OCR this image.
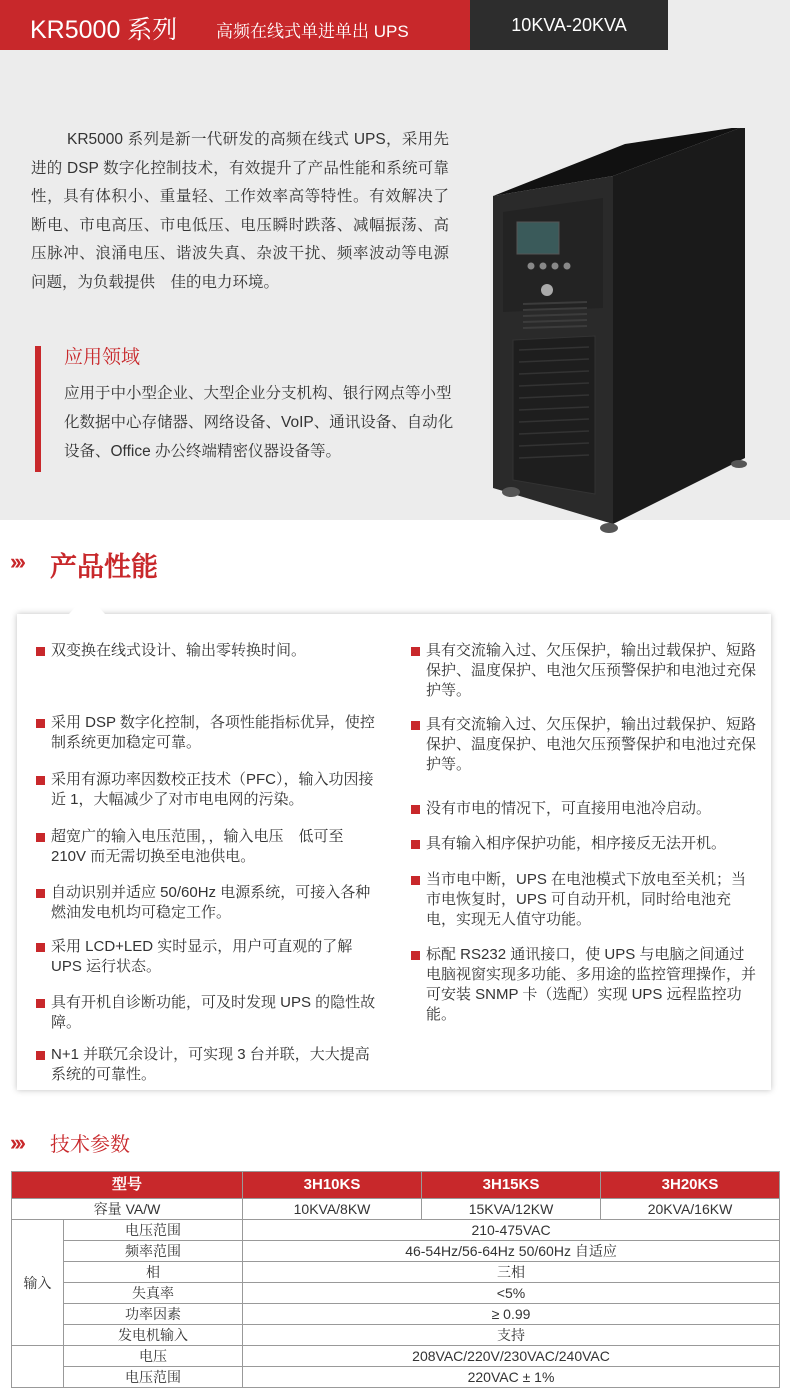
KR5000 系列 高频在线式单进单出 UPS	10KVA-20KVA
KR5000 系列是新一代研发的高频在线式 UPS，采用先进的 DSP 数字化控制技术，有效提升了产品性能和系统可靠性，具有体积小、重量轻、工作效率高等特性。有效解决了断电、市电高压、市电低压、电压瞬时跌落、减幅振荡、高压脉冲、浪涌电压、谐波失真、杂波干扰、频率波动等电源问题，为负载提供　佳的电力环境。
应用领域
应用于中小型企业、大型企业分支机构、银行网点等小型化数据中心存储器、网络设备、VoIP、通讯设备、自动化设备、Office 办公终端精密仪器设备等。
››› 产品性能
双变换在线式设计、输出零转换时间。
采用 DSP 数字化控制，各项性能指标优异，使控制系统更加稳定可靠。
采用有源功率因数校正技术（PFC），输入功因接近 1，大幅减少了对市电电网的污染。
超宽广的输入电压范围，，输入电压　低可至 210V 而无需切换至电池供电。
自动识别并适应 50/60Hz 电源系统，可接入各种燃油发电机均可稳定工作。
采用 LCD+LED 实时显示，用户可直观的了解 UPS 运行状态。
具有开机自诊断功能，可及时发现 UPS 的隐性故障。
N+1 并联冗余设计，可实现 3 台并联，大大提高系统的可靠性。
具有交流输入过、欠压保护，输出过载保护、短路保护、温度保护、电池欠压预警保护和电池过充保护等。
具有交流输入过、欠压保护，输出过载保护、短路保护、温度保护、电池欠压预警保护和电池过充保护等。
没有市电的情况下，可直接用电池冷启动。
具有输入相序保护功能，相序接反无法开机。
当市电中断，UPS 在电池模式下放电至关机；当市电恢复时，UPS 可自动开机，同时给电池充电，实现无人值守功能。
标配 RS232 通讯接口，使 UPS 与电脑之间通过电脑视窗实现多功能、多用途的监控管理操作，并可安装 SNMP 卡（选配）实现 UPS 远程监控功能。
››› 技术参数
型号		3H10KS	3H15KS	3H20KS
容量 VA/W		10KVA/8KW	15KVA/12KW	20KVA/16KW
输入	电压范围	210-475VAC		
	频率范围	46-54Hz/56-64Hz 50/60Hz 自适应		
	相	三相		
	失真率	<5%		
	功率因素	≥ 0.99		
	发电机输入	支持		
	电压	208VAC/220V/230VAC/240VAC		
	电压范围	220VAC ± 1%		
